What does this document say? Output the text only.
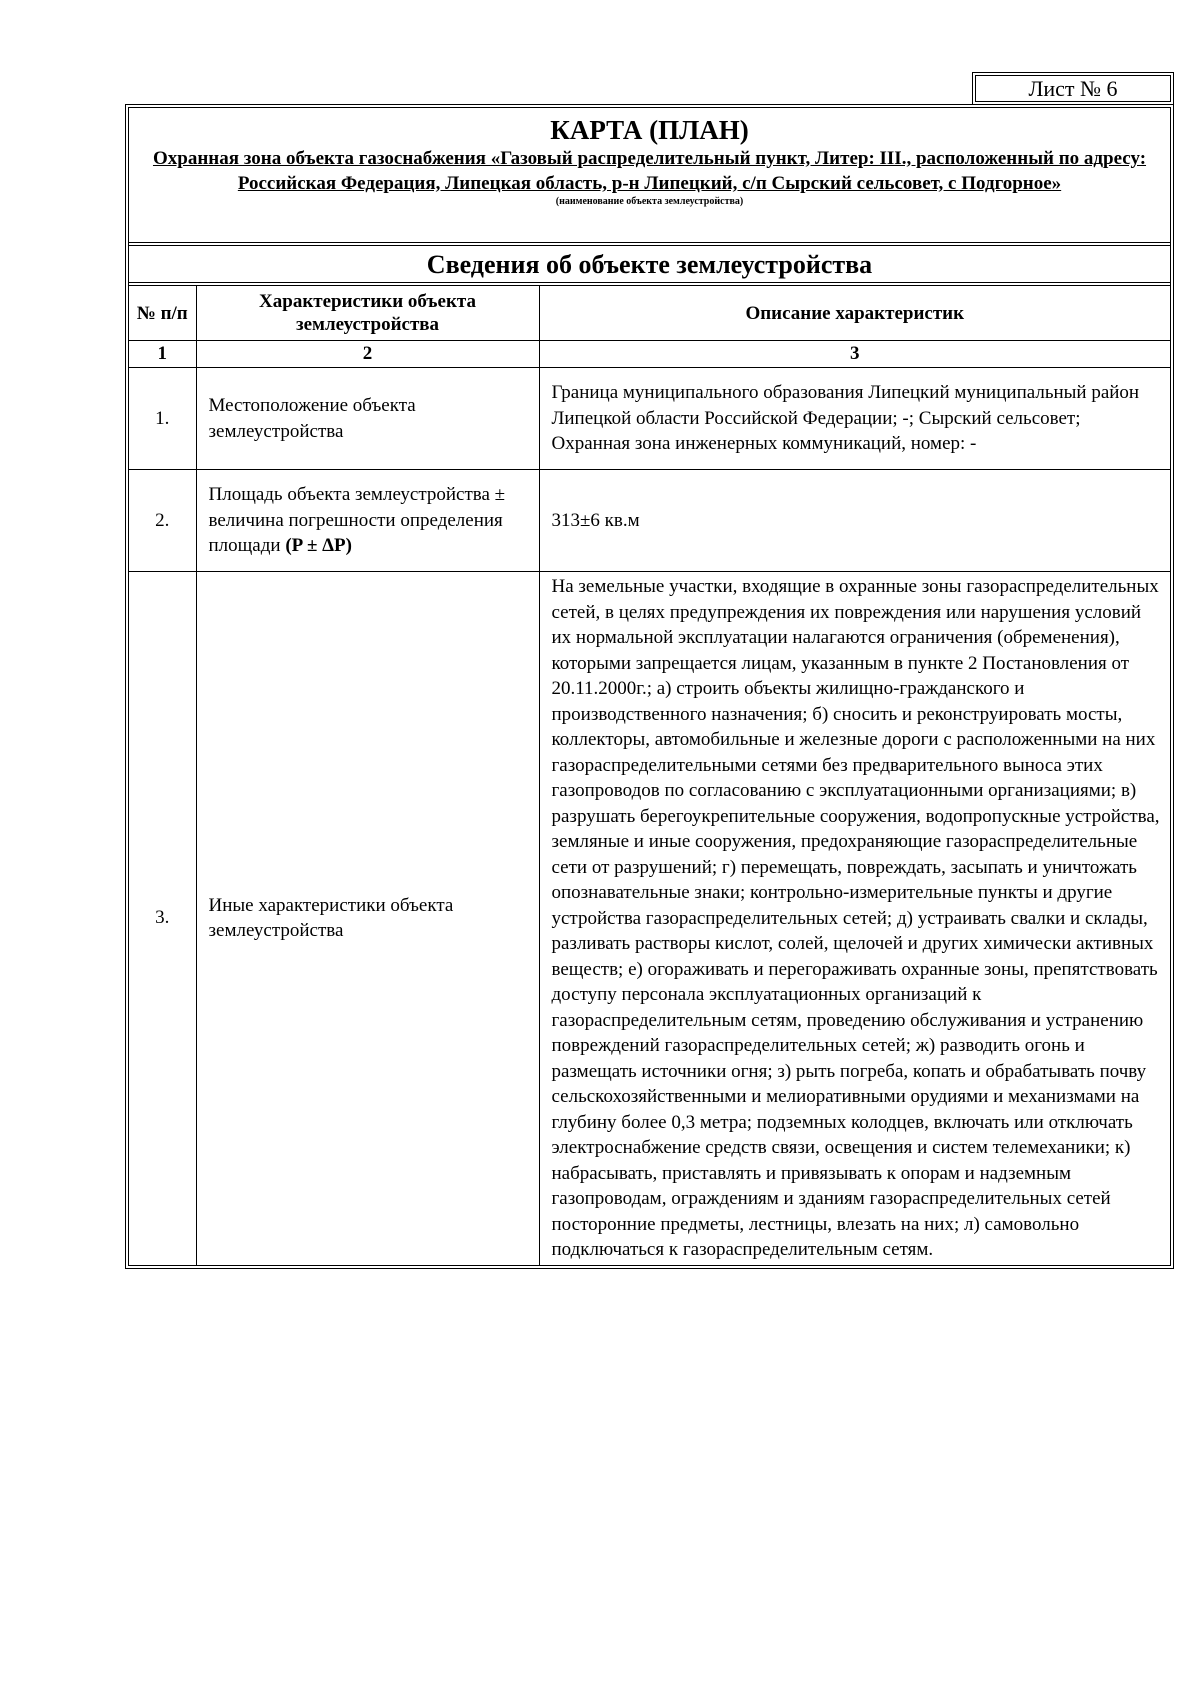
Лист № 6
КАРТА (ПЛАН)
Охранная зона объекта газоснабжения «Газовый распределительный пункт, Литер: III., расположенный по адресу: Российская Федерация, Липецкая область, р-н Липецкий, с/п Сырский сельсовет, с Подгорное»
(наименование объекта землеустройства)
Сведения об объекте землеустройства
№ п/п	Характеристики объекта землеустройства	Описание характеристик
1	2	3
1.	Местоположение объекта землеустройства	Граница муниципального образования Липецкий муниципальный район Липецкой области Российской Федерации; -; Сырский сельсовет; Охранная зона инженерных коммуникаций, номер: -
2.	Площадь объекта землеустройства ± величина погрешности определения площади (P ± ΔP)	313±6 кв.м
3.	Иные характеристики объекта землеустройства	На земельные участки, входящие в охранные зоны газораспределительных сетей, в целях предупреждения их повреждения или нарушения условий их нормальной эксплуатации налагаются ограничения (обременения), которыми запрещается лицам, указанным в пункте 2 Постановления от 20.11.2000г.; а) строить объекты жилищно-гражданского и производственного назначения; б) сносить и реконструировать мосты, коллекторы, автомобильные и железные дороги с расположенными на них газораспределительными сетями без предварительного выноса этих газопроводов по согласованию с эксплуатационными организациями; в) разрушать берегоукрепительные сооружения, водопропускные устройства, земляные и иные сооружения, предохраняющие газораспределительные сети от разрушений; г) перемещать, повреждать, засыпать и уничтожать опознавательные знаки; контрольно-измерительные пункты и другие устройства газораспределительных сетей; д) устраивать свалки и склады, разливать растворы кислот, солей, щелочей и других химически активных веществ; е) огораживать и перегораживать охранные зоны, препятствовать доступу персонала эксплуатационных организаций к газораспределительным сетям, проведению обслуживания и устранению повреждений газораспределительных сетей; ж) разводить огонь и размещать источники огня; з) рыть погреба, копать и обрабатывать почву сельскохозяйственными и мелиоративными орудиями и механизмами на глубину более 0,3 метра; подземных колодцев, включать или отключать электроснабжение средств связи, освещения и систем телемеханики; к) набрасывать, приставлять и привязывать к опорам и надземным газопроводам, ограждениям и зданиям газораспределительных сетей посторонние предметы, лестницы, влезать на них; л) самовольно подключаться к газораспределительным сетям.
